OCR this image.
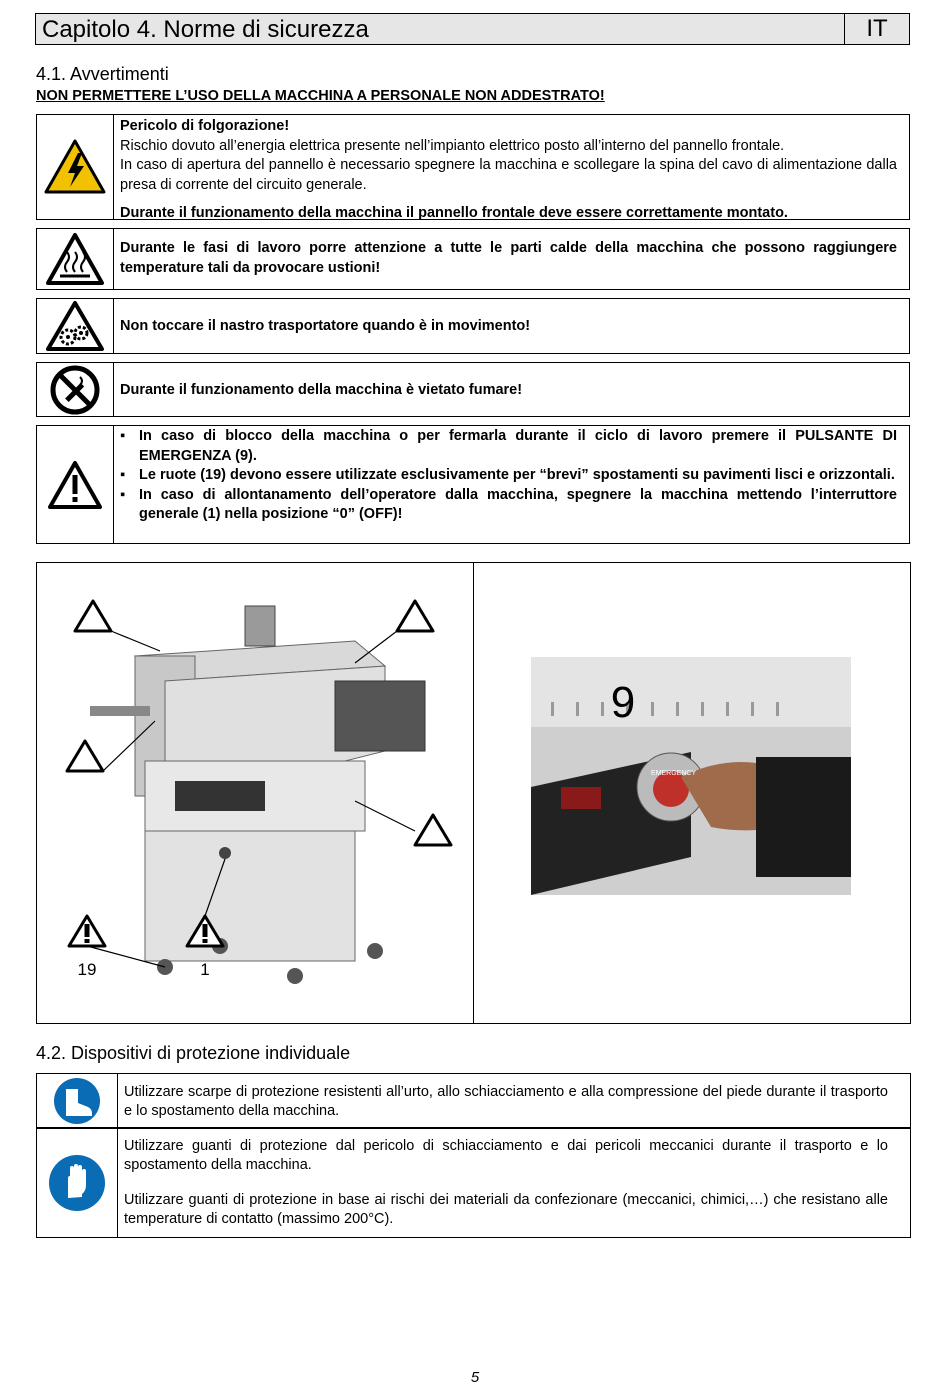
Capitolo 4. Norme di sicurezza	IT
4.1. Avvertimenti
NON PERMETTERE L’USO DELLA MACCHINA A PERSONALE NON ADDESTRATO!
Pericolo di folgorazione!
Rischio dovuto all’energia elettrica presente nell’impianto elettrico posto all’interno del pannello frontale.
In caso di apertura del pannello è necessario spegnere la macchina e scollegare la spina del cavo di alimentazione dalla presa di corrente del circuito generale.
Durante il funzionamento della macchina il pannello frontale deve essere correttamente montato.
Durante le fasi di lavoro porre attenzione a tutte le parti calde della macchina che possono raggiungere temperature tali da provocare ustioni!
Non toccare il nastro trasportatore quando è in movimento!
Durante il funzionamento della macchina è vietato fumare!
▪ In caso di blocco della macchina o per fermarla durante il ciclo di lavoro premere il PULSANTE DI EMERGENZA (9).
▪ Le ruote (19) devono essere utilizzate esclusivamente per “brevi” spostamenti su pavimenti lisci e orizzontali.
▪ In caso di allontanamento dell’operatore dalla macchina, spegnere la macchina mettendo l’interruttore generale (1) nella posizione “0” (OFF)!
19	1
9
EMERGENCY
4.2. Dispositivi di protezione individuale
Utilizzare scarpe di protezione resistenti all’urto, allo schiacciamento e alla compressione del piede durante il trasporto e lo spostamento della macchina.
Utilizzare guanti di protezione dal pericolo di schiacciamento e dai pericoli meccanici durante il trasporto e lo spostamento della macchina.
Utilizzare guanti di protezione in base ai rischi dei materiali da confezionare (meccanici, chimici,…) che resistano alle temperature di contatto (massimo 200°C).
5
